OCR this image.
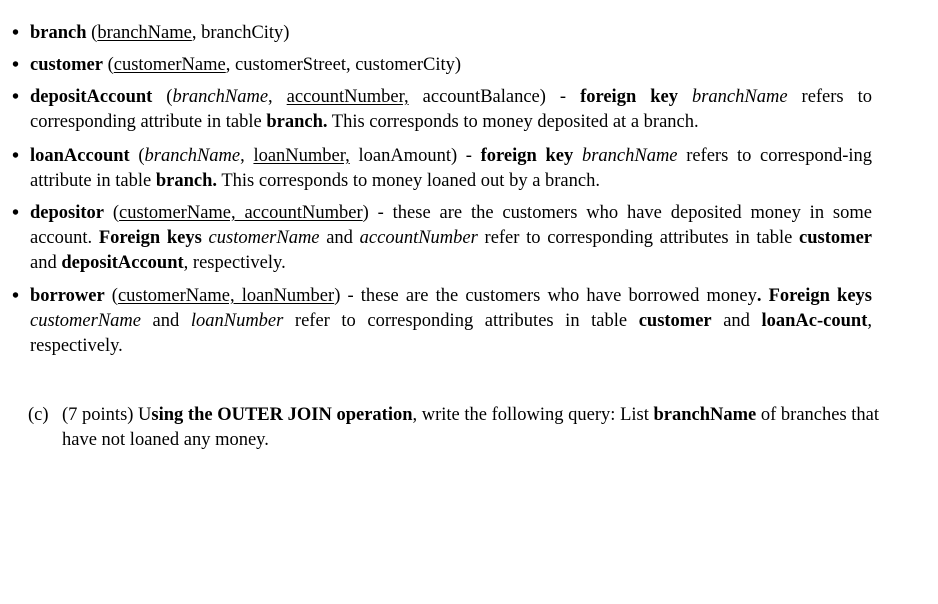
• branch (branchName, branchCity)
• customer (customerName, customerStreet, customerCity)
• depositAccount (branchName, accountNumber, accountBalance) - foreign key branchName refers to corresponding attribute in table branch. This corresponds to money deposited at a branch.
• loanAccount (branchName, loanNumber, loanAmount) - foreign key branchName refers to correspond-ing attribute in table branch. This corresponds to money loaned out by a branch.
• depositor (customerName, accountNumber) - these are the customers who have deposited money in some account. Foreign keys customerName and accountNumber refer to corresponding attributes in table customer and depositAccount, respectively.
• borrower (customerName, loanNumber) - these are the customers who have borrowed money. Foreign keys customerName and loanNumber refer to corresponding attributes in table customer and loanAc-count, respectively.
(c) (7 points) Using the OUTER JOIN operation, write the following query: List branchName of branches that have not loaned any money.
